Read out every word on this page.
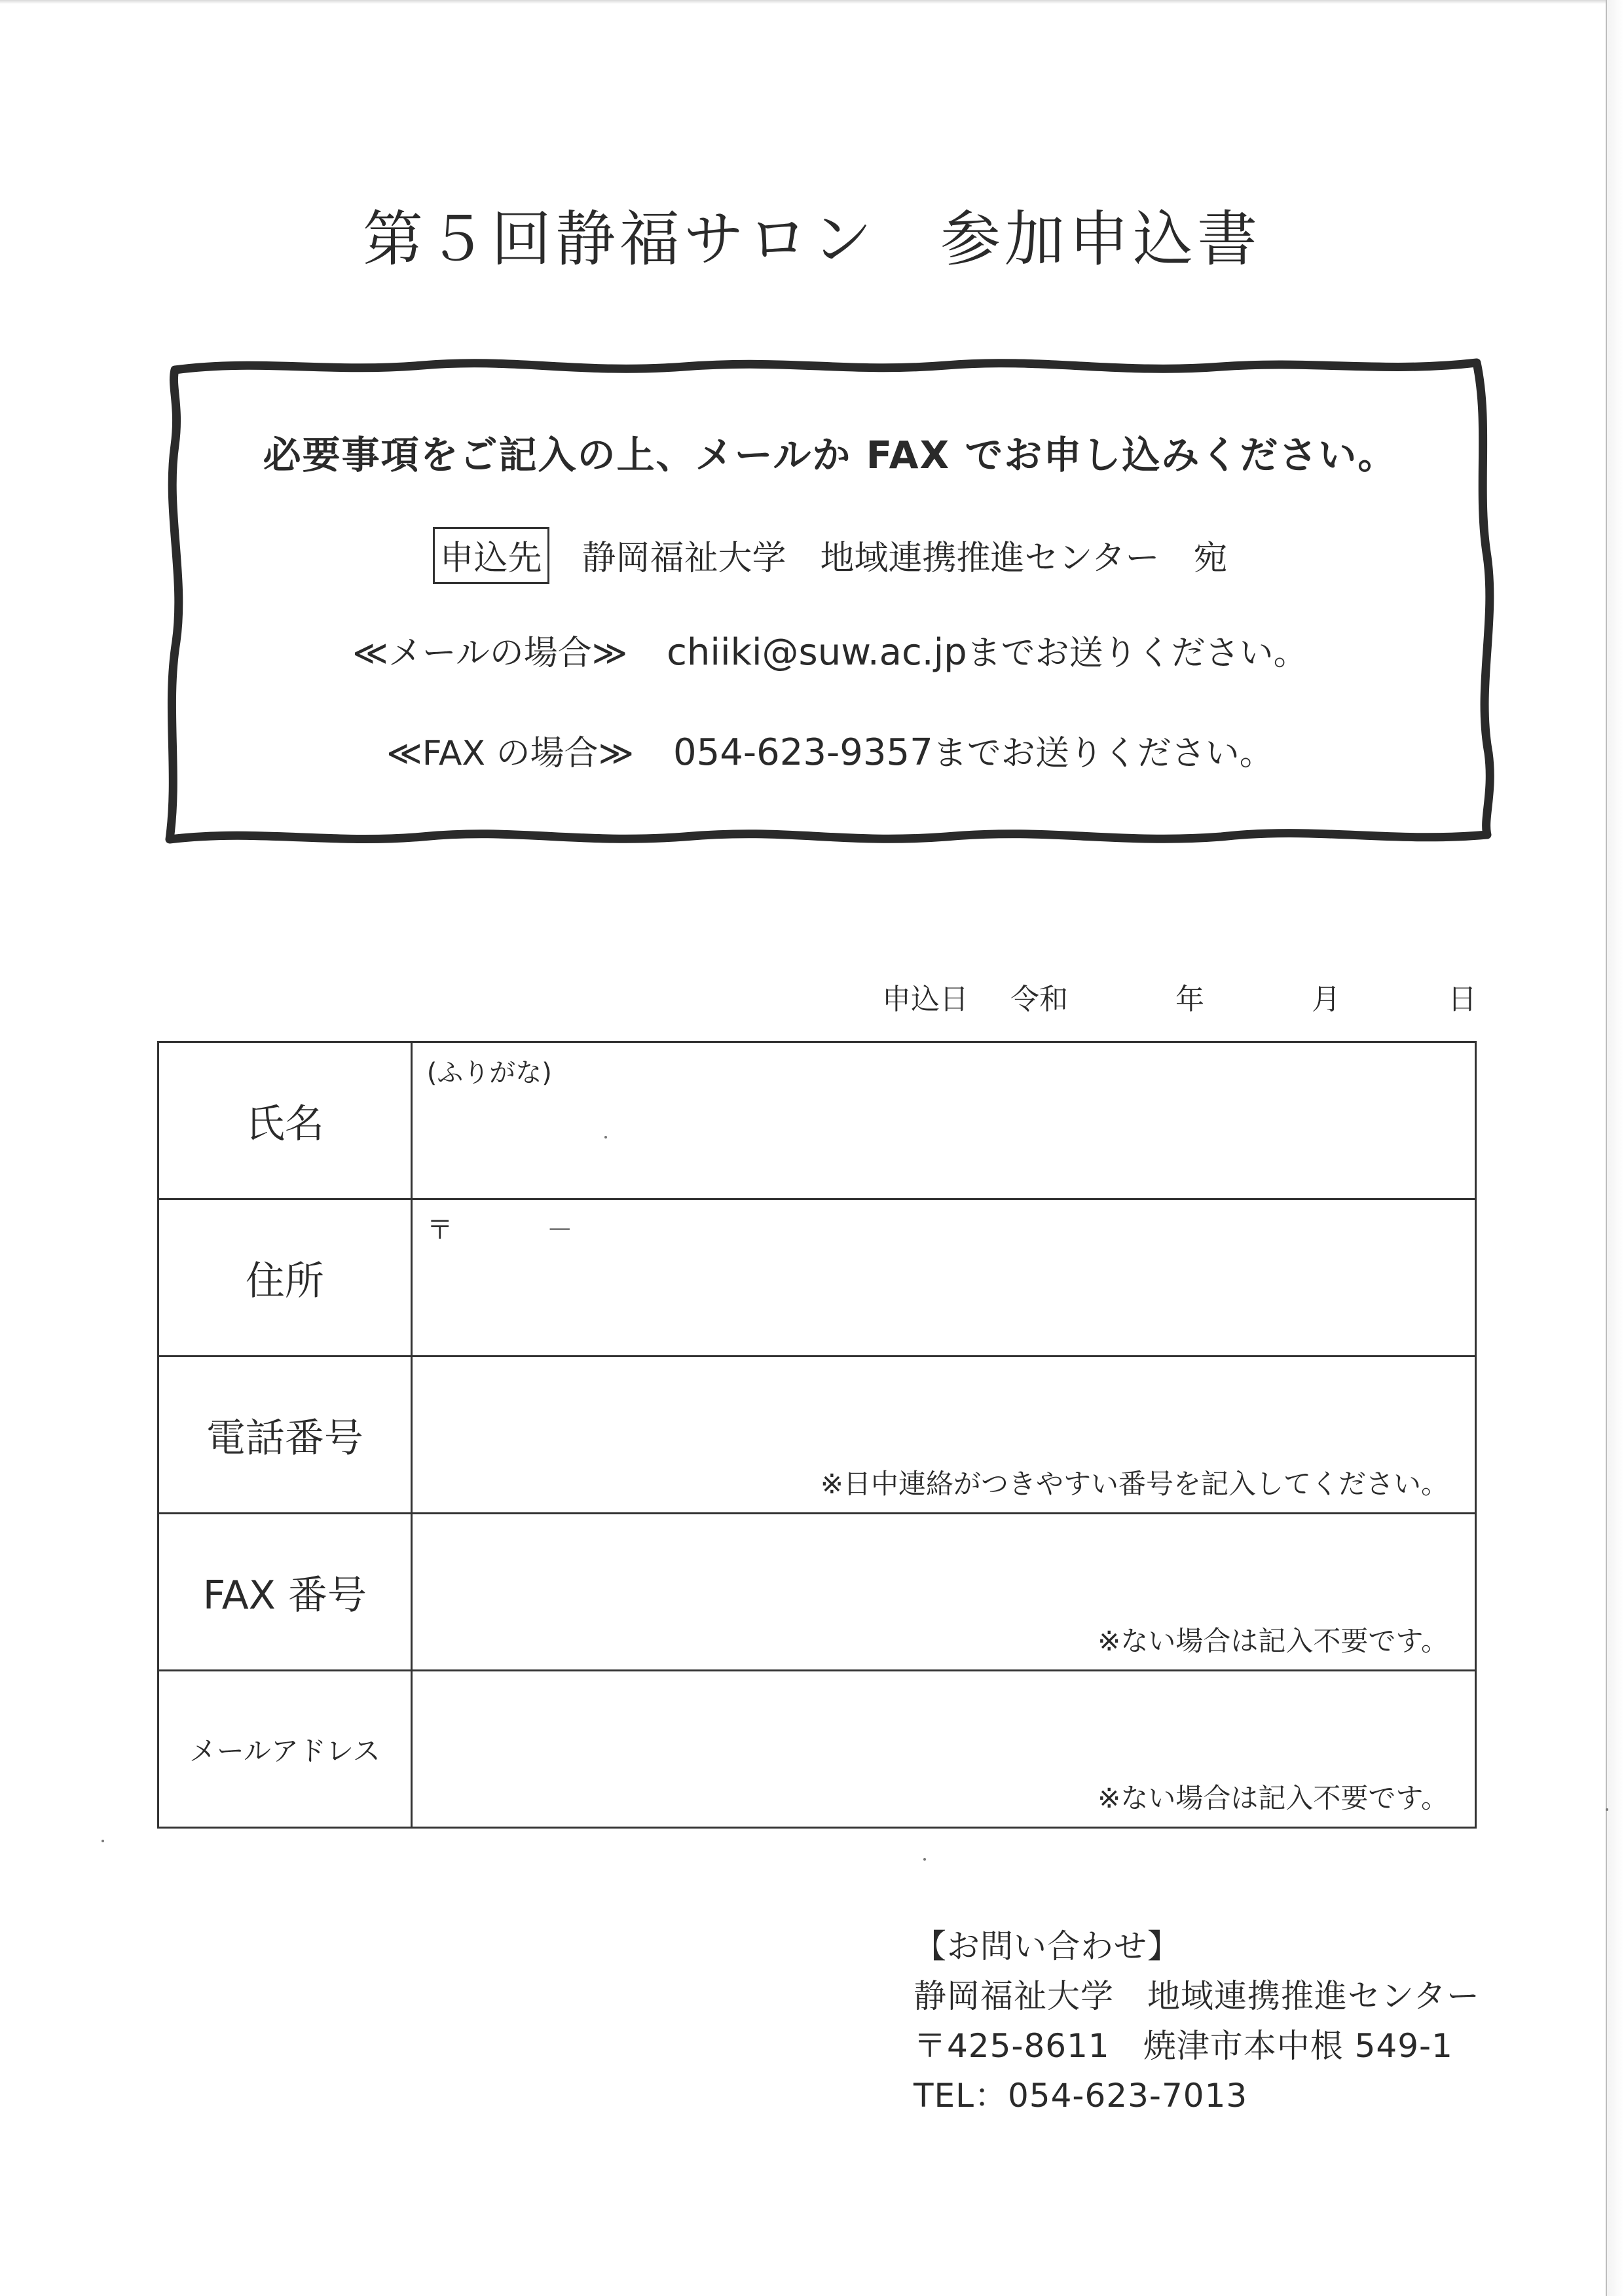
第５回静福サロン　参加申込書
必要事項をご記入の上、メールか FAX でお申し込みください。
申込先 静岡福祉大学　地域連携推進センター　宛
≪メールの場合≫ chiiki@suw.ac.jpまでお送りください。
≪FAX の場合≫ 054-623-9357までお送りください。
申込日 令和	年	月	日
氏名	(ふりがな)

住所	〒 －

電話番号	※日中連絡がつきやすい番号を記入してください。

FAX 番号	※ない場合は記入不要です。

メールアドレス	※ない場合は記入不要です。
【お問い合わせ】
静岡福祉大学　地域連携推進センター
〒425-8611　焼津市本中根 549-1
TEL：054-623-7013
